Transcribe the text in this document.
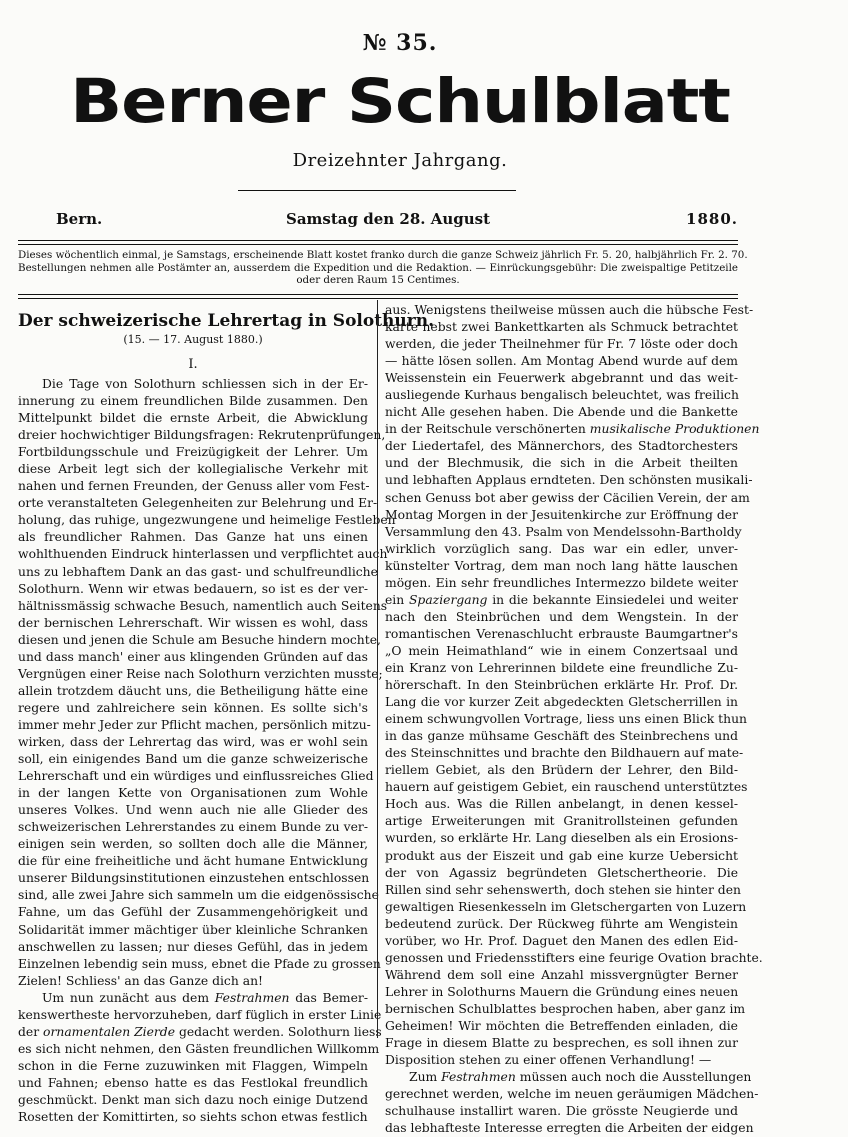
№ 35.
Berner Schulblatt
Dreizehnter Jahrgang.
Bern.	Samstag den 28. August	1880.
Dieses wöchentlich einmal, je Samstags, erscheinende Blatt kostet franko durch die ganze Schweiz jährlich Fr. 5. 20, halbjährlich Fr. 2. 70.
Bestellungen nehmen alle Postämter an, ausserdem die Expedition und die Redaktion. — Einrückungsgebühr: Die zweispaltige Petitzeile
oder deren Raum 15 Centimes.
Der schweizerische Lehrertag in Solothurn.
(15. — 17. August 1880.)
I.
Die Tage von Solothurn schliessen sich in der Er-
innerung zu einem freundlichen Bilde zusammen. Den
Mittelpunkt bildet die ernste Arbeit, die Abwicklung
dreier hochwichtiger Bildungsfragen: Rekrutenprüfungen,
Fortbildungsschule und Freizügigkeit der Lehrer. Um
diese Arbeit legt sich der kollegialische Verkehr mit
nahen und fernen Freunden, der Genuss aller vom Fest-
orte veranstalteten Gelegenheiten zur Belehrung und Er-
holung, das ruhige, ungezwungene und heimelige Festleben
als freundlicher Rahmen. Das Ganze hat uns einen
wohlthuenden Eindruck hinterlassen und verpflichtet auch
uns zu lebhaftem Dank an das gast- und schulfreundliche
Solothurn. Wenn wir etwas bedauern, so ist es der ver-
hältnissmässig schwache Besuch, namentlich auch Seitens
der bernischen Lehrerschaft. Wir wissen es wohl, dass
diesen und jenen die Schule am Besuche hindern mochte,
und dass manch' einer aus klingenden Gründen auf das
Vergnügen einer Reise nach Solothurn verzichten musste;
allein trotzdem däucht uns, die Betheiligung hätte eine
regere und zahlreichere sein können. Es sollte sich's
immer mehr Jeder zur Pflicht machen, persönlich mitzu-
wirken, dass der Lehrertag das wird, was er wohl sein
soll, ein einigendes Band um die ganze schweizerische
Lehrerschaft und ein würdiges und einflussreiches Glied
in der langen Kette von Organisationen zum Wohle
unseres Volkes. Und wenn auch nie alle Glieder des
schweizerischen Lehrerstandes zu einem Bunde zu ver-
einigen sein werden, so sollten doch alle die Männer,
die für eine freiheitliche und ächt humane Entwicklung
unserer Bildungsinstitutionen einzustehen entschlossen
sind, alle zwei Jahre sich sammeln um die eidgenössische
Fahne, um das Gefühl der Zusammengehörigkeit und
Solidarität immer mächtiger über kleinliche Schranken
anschwellen zu lassen; nur dieses Gefühl, das in jedem
Einzelnen lebendig sein muss, ebnet die Pfade zu grossen
Zielen! Schliess' an das Ganze dich an!
Um nun zunächt aus dem Festrahmen das Bemer-
kenswertheste hervorzuheben, darf füglich in erster Linie
der ornamentalen Zierde gedacht werden. Solothurn liess
es sich nicht nehmen, den Gästen freundlichen Willkomm
schon in die Ferne zuzuwinken mit Flaggen, Wimpeln
und Fahnen; ebenso hatte es das Festlokal freundlich
geschmückt. Denkt man sich dazu noch einige Dutzend
Rosetten der Komittirten, so siehts schon etwas festlich
aus. Wenigstens theilweise müssen auch die hübsche Fest-
karte nebst zwei Bankettkarten als Schmuck betrachtet
werden, die jeder Theilnehmer für Fr. 7 löste oder doch
— hätte lösen sollen. Am Montag Abend wurde auf dem
Weissenstein ein Feuerwerk abgebrannt und das weit-
ausliegende Kurhaus bengalisch beleuchtet, was freilich
nicht Alle gesehen haben. Die Abende und die Bankette
in der Reitschule verschönerten musikalische Produktionen
der Liedertafel, des Männerchors, des Stadtorchesters
und der Blechmusik, die sich in die Arbeit theilten
und lebhaften Applaus erndteten. Den schönsten musikali-
schen Genuss bot aber gewiss der Cäcilien Verein, der am
Montag Morgen in der Jesuitenkirche zur Eröffnung der
Versammlung den 43. Psalm von Mendelssohn-Bartholdy
wirklich vorzüglich sang. Das war ein edler, unver-
künstelter Vortrag, dem man noch lang hätte lauschen
mögen. Ein sehr freundliches Intermezzo bildete weiter
ein Spaziergang in die bekannte Einsiedelei und weiter
nach den Steinbrüchen und dem Wengstein. In der
romantischen Verenaschlucht erbrauste Baumgartner's
„O mein Heimathland“ wie in einem Conzertsaal und
ein Kranz von Lehrerinnen bildete eine freundliche Zu-
hörerschaft. In den Steinbrüchen erklärte Hr. Prof. Dr.
Lang die vor kurzer Zeit abgedeckten Gletscherrillen in
einem schwungvollen Vortrage, liess uns einen Blick thun
in das ganze mühsame Geschäft des Steinbrechens und
des Steinschnittes und brachte den Bildhauern auf mate-
riellem Gebiet, als den Brüdern der Lehrer, den Bild-
hauern auf geistigem Gebiet, ein rauschend unterstütztes
Hoch aus. Was die Rillen anbelangt, in denen kessel-
artige Erweiterungen mit Granitrollsteinen gefunden
wurden, so erklärte Hr. Lang dieselben als ein Erosions-
produkt aus der Eiszeit und gab eine kurze Uebersicht
der von Agassiz begründeten Gletschertheorie. Die
Rillen sind sehr sehenswerth, doch stehen sie hinter den
gewaltigen Riesenkesseln im Gletschergarten von Luzern
bedeutend zurück. Der Rückweg führte am Wengistein
vorüber, wo Hr. Prof. Daguet den Manen des edlen Eid-
genossen und Friedensstifters eine feurige Ovation brachte.
Während dem soll eine Anzahl missvergnügter Berner
Lehrer in Solothurns Mauern die Gründung eines neuen
bernischen Schulblattes besprochen haben, aber ganz im
Geheimen! Wir möchten die Betreffenden einladen, die
Frage in diesem Blatte zu besprechen, es soll ihnen zur
Disposition stehen zu einer offenen Verhandlung! —
Zum Festrahmen müssen auch noch die Ausstellungen
gerechnet werden, welche im neuen geräumigen Mädchen-
schulhause installirt waren. Die grösste Neugierde und
das lebhafteste Interesse erregten die Arbeiten der eidgen
